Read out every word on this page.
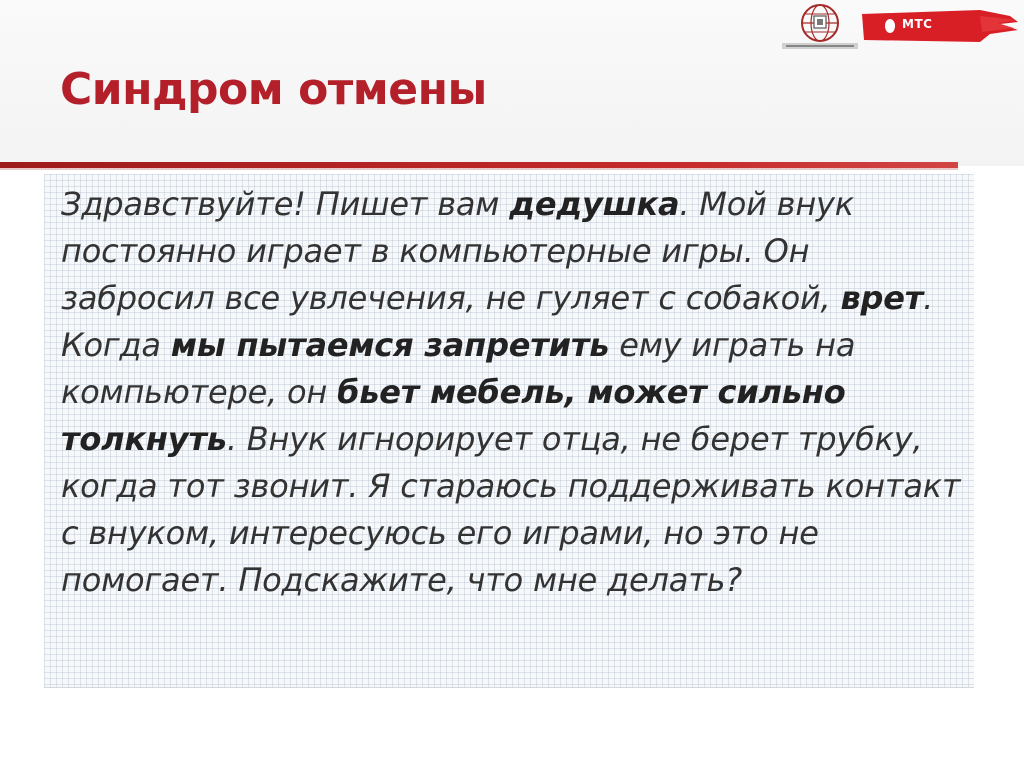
Синдром отмены
МТС

Здравствуйте! Пишет вам дедушка. Мой внук постоянно играет в компьютерные игры. Он забросил все увлечения, не гуляет с собакой, врет. Когда мы пытаемся запретить ему играть на компьютере, он бьет мебель, может сильно толкнуть. Внук игнорирует отца, не берет трубку, когда тот звонит. Я стараюсь поддерживать контакт с внуком, интересуюсь его играми, но это не помогает. Подскажите, что мне делать?
